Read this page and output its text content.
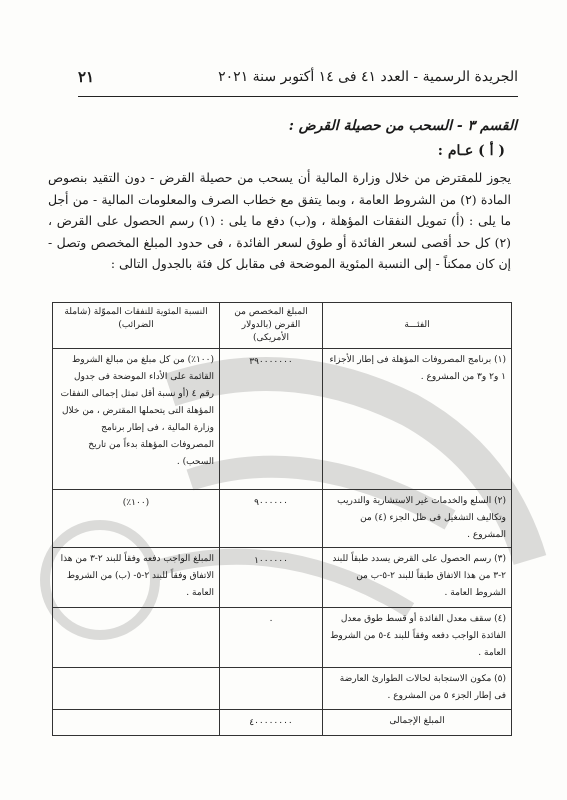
الجريدة الرسمية - العدد ٤١ فى ١٤ أكتوبر سنة ٢٠٢١
٢١
القسم ٣ - السحب من حصيلة القرض :
( أ ) عـام :
يجوز للمقترض من خلال وزارة المالية أن يسحب من حصيلة القرض - دون التقيد بنصوص المادة (٢) من الشروط العامة ، وبما يتفق مع خطاب الصرف والمعلومات المالية - من أجل ما يلى : (أ) تمويل النفقات المؤهلة ، و(ب) دفع ما يلى : (١) رسم الحصول على القرض ، (٢) كل حد أقصى لسعر الفائدة أو طوق لسعر الفائدة ، فى حدود المبلغ المخصص وتصل - إن كان ممكناً - إلى النسبة المئوية الموضحة فى مقابل كل فئة بالجدول التالى :
الفئـــة	المبلغ المخصص من القرض (بالدولار الأمريكى)	النسبة المئوية للنفقات المموّلة (شاملة الضرائب)
(١) برنامج المصروفات المؤهلة فى إطار الأجزاء ١ و٢ و٣ من المشروع .	٣٩٠٠٠٠٠٠٠	(١٠٠٪) من كل مبلغ من مبالغ الشروط القائمة على الأداء الموضحة فى جدول رقم ٤ (أو نسبة أقل تمثل إجمالى النفقات المؤهلة التى يتحملها المقترض ، من خلال وزارة المالية ، فى إطار برنامج المصروفات المؤهلة بدءاً من تاريخ السحب) .
(٢) السلع والخدمات غير الاستشارية والتدريب وتكاليف التشغيل فى ظل الجزء (٤) من المشروع .	٩٠٠٠٠٠٠	(١٠٠٪)
(٣) رسم الحصول على القرض يسدد طبقاً للبند ٢-٣ من هذا الاتفاق طبقاً للبند ٢-٥-ب من الشروط العامة .	١٠٠٠٠٠٠	المبلغ الواجب دفعه وفقاً للبند ٢-٣ من هذا الاتفاق وفقاً للبند ٢-٥- (ب) من الشروط العامة .
(٤) سقف معدل الفائدة أو قسط طوق معدل الفائدة الواجب دفعه وفقاً للبند ٤-٥ من الشروط العامة .	٠	
(٥) مكون الاستجابة لحالات الطوارئ العارضة فى إطار الجزء ٥ من المشروع .		
المبلغ الإجمالى	٤٠٠٠٠٠٠٠٠	
